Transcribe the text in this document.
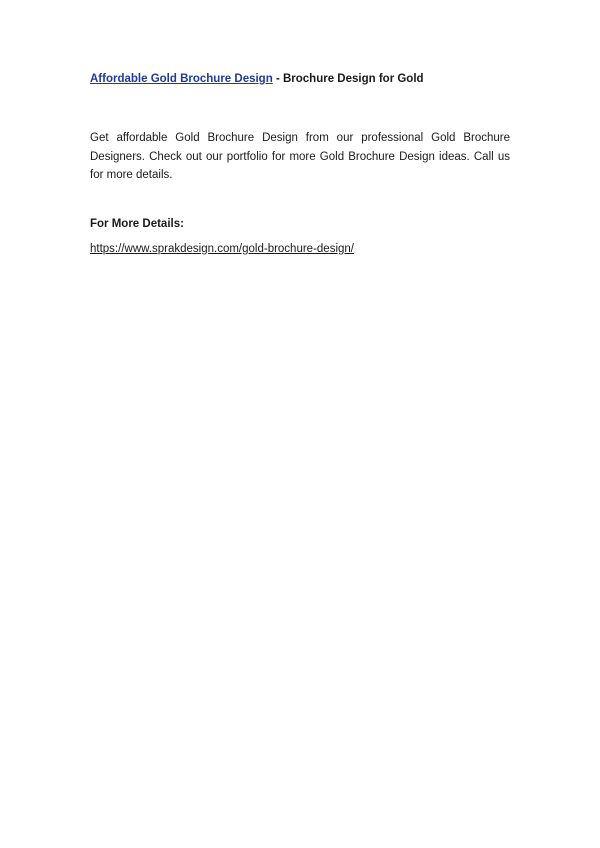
Affordable Gold Brochure Design - Brochure Design for Gold

Get affordable Gold Brochure Design from our professional Gold Brochure Designers. Check out our portfolio for more Gold Brochure Design ideas. Call us for more details.

For More Details:

https://www.sprakdesign.com/gold-brochure-design/
